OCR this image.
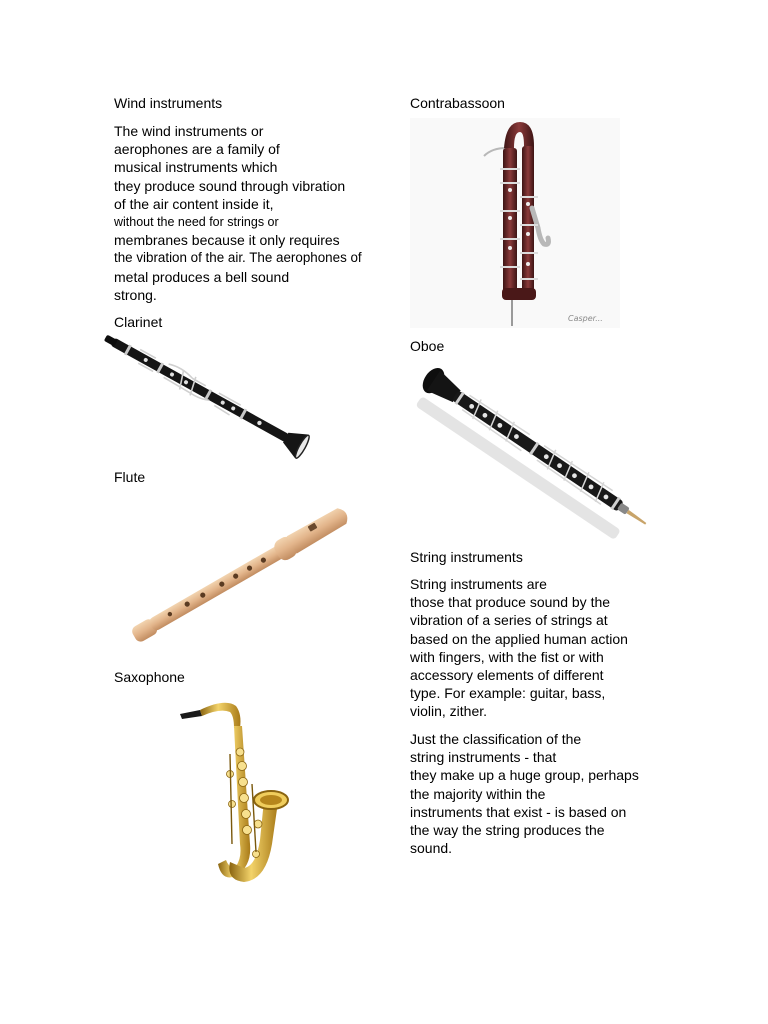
Wind instruments
The wind instruments or
aerophones are a family of
musical instruments which
they produce sound through vibration
of the air content inside it,
without the need for strings or
membranes because it only requires
the vibration of the air. The aerophones of
metal produces a bell sound
strong.
Clarinet
Flute
Saxophone
Contrabassoon
Casper...
Oboe
String instruments
String instruments are
those that produce sound by the
vibration of a series of strings at
based on the applied human action
with fingers, with the fist or with
accessory elements of different
type. For example: guitar, bass,
violin, zither.
Just the classification of the
string instruments - that
they make up a huge group, perhaps
the majority within the
instruments that exist - is based on
the way the string produces the
sound.
